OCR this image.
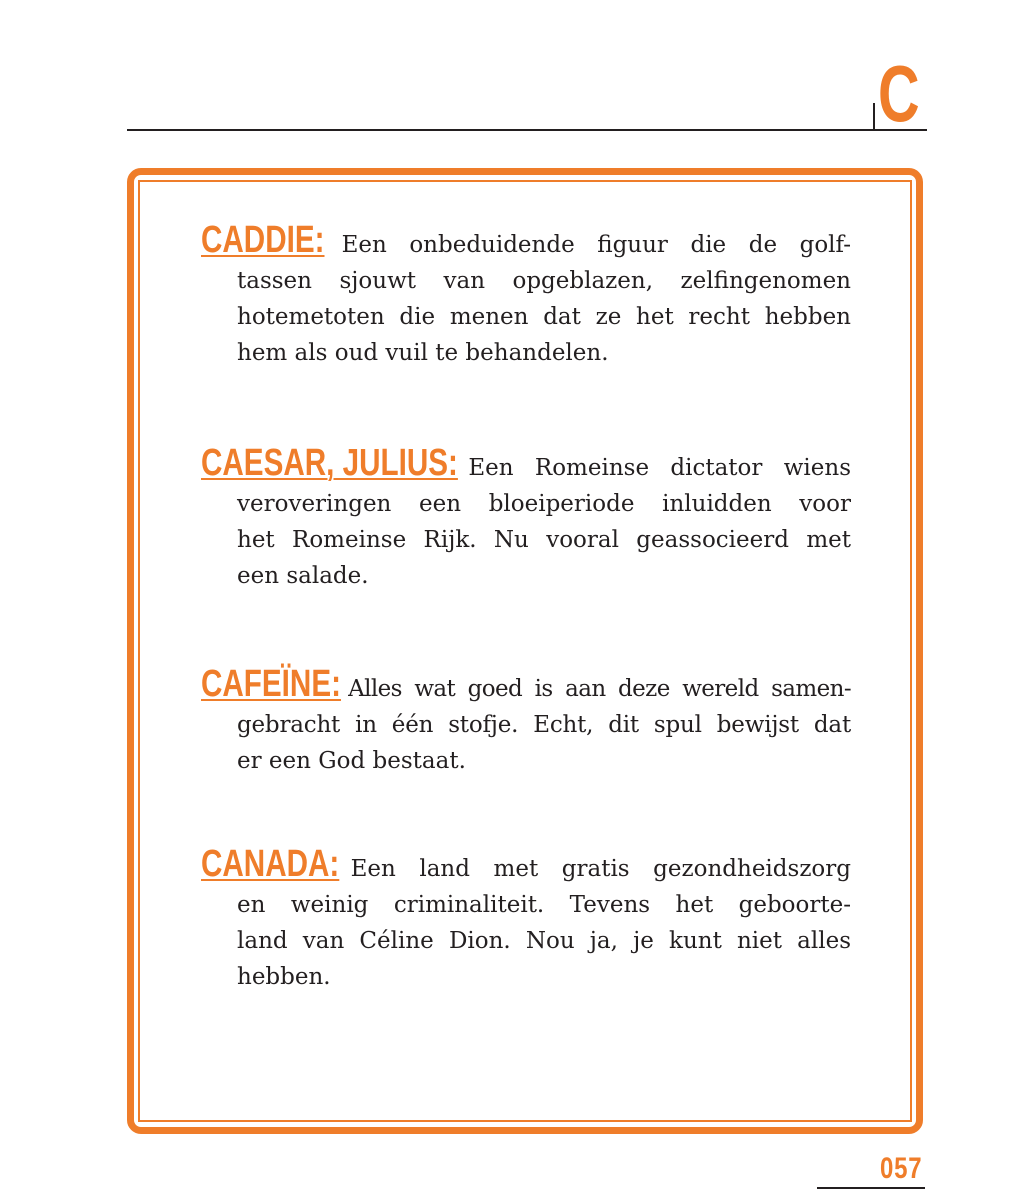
C
CADDIE: Een onbeduidende figuur die de golf-
tassen sjouwt van opgeblazen, zelfingenomen
hotemetoten die menen dat ze het recht hebben
hem als oud vuil te behandelen.
CAESAR, JULIUS: Een Romeinse dictator wiens
veroveringen een bloeiperiode inluidden voor
het Romeinse Rijk. Nu vooral geassocieerd met
een salade.
CAFEÏNE: Alles wat goed is aan deze wereld samen-
gebracht in één stofje. Echt, dit spul bewijst dat
er een God bestaat.
CANADA: Een land met gratis gezondheidszorg
en weinig criminaliteit. Tevens het geboorte-
land van Céline Dion. Nou ja, je kunt niet alles
hebben.
057
